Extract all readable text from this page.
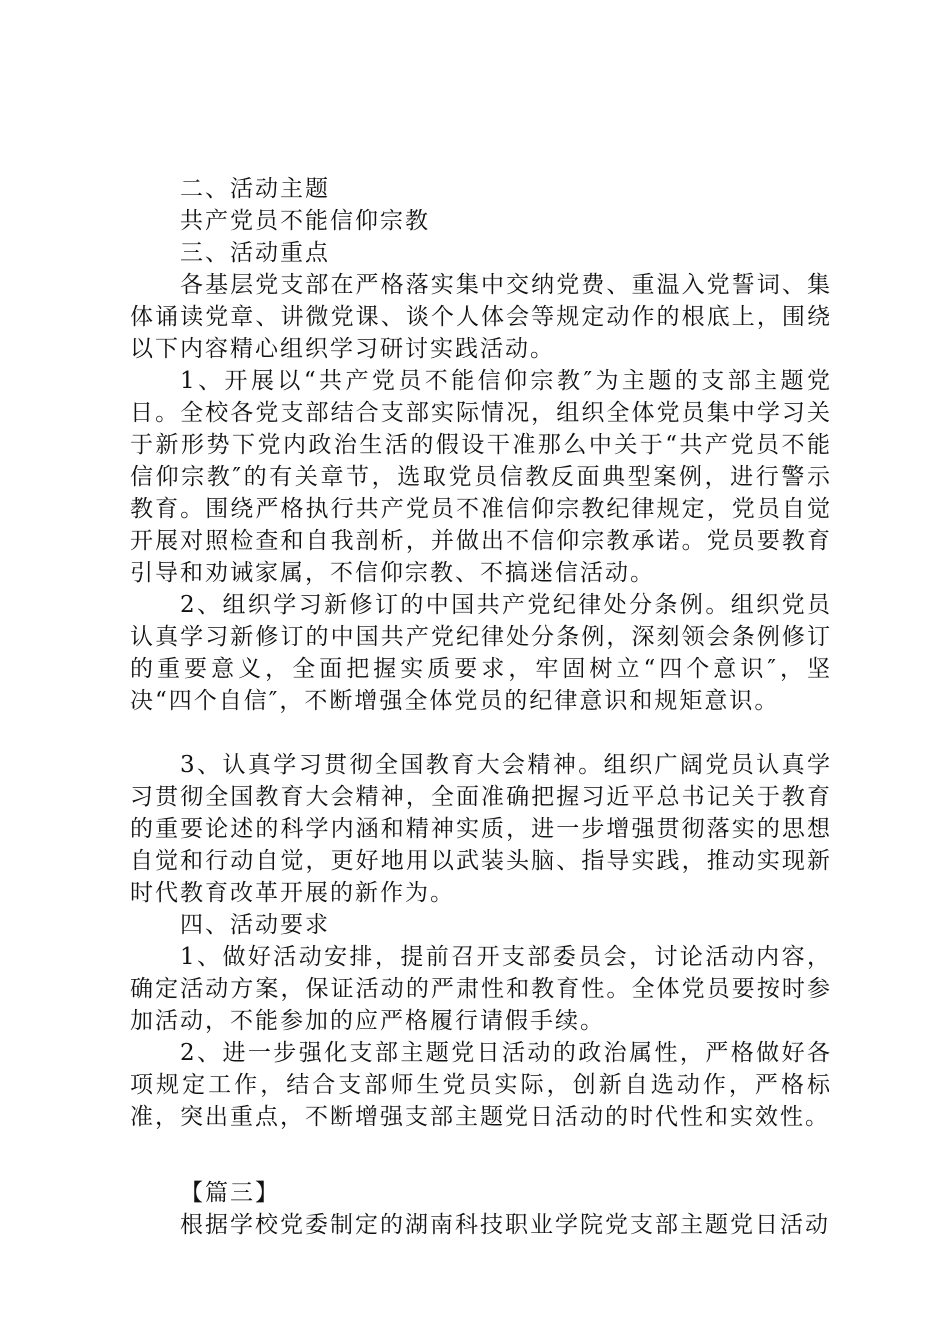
二、活动主题

共产党员不能信仰宗教

三、活动重点

各基层党支部在严格落实集中交纳党费、重温入党誓词、集体诵读党章、讲微党课、谈个人体会等规定动作的根底上，围绕以下内容精心组织学习研讨实践活动。

1、开展以“共产党员不能信仰宗教″为主题的支部主题党日。全校各党支部结合支部实际情况，组织全体党员集中学习关于新形势下党内政治生活的假设干准那么中关于“共产党员不能信仰宗教″的有关章节，选取党员信教反面典型案例，进行警示教育。围绕严格执行共产党员不准信仰宗教纪律规定，党员自觉开展对照检查和自我剖析，并做出不信仰宗教承诺。党员要教育引导和劝诫家属，不信仰宗教、不搞迷信活动。

2、组织学习新修订的中国共产党纪律处分条例。组织党员认真学习新修订的中国共产党纪律处分条例，深刻领会条例修订的重要意义，全面把握实质要求，牢固树立“四个意识″，坚决“四个自信″，不断增强全体党员的纪律意识和规矩意识。

3、认真学习贯彻全国教育大会精神。组织广阔党员认真学习贯彻全国教育大会精神，全面准确把握习近平总书记关于教育的重要论述的科学内涵和精神实质，进一步增强贯彻落实的思想自觉和行动自觉，更好地用以武装头脑、指导实践，推动实现新时代教育改革开展的新作为。

四、活动要求

1、做好活动安排，提前召开支部委员会，讨论活动内容，确定活动方案，保证活动的严肃性和教育性。全体党员要按时参加活动，不能参加的应严格履行请假手续。

2、进一步强化支部主题党日活动的政治属性，严格做好各项规定工作，结合支部师生党员实际，创新自选动作，严格标准，突出重点，不断增强支部主题党日活动的时代性和实效性。

【篇三】

根据学校党委制定的湖南科技职业学院党支部主题党日活动
